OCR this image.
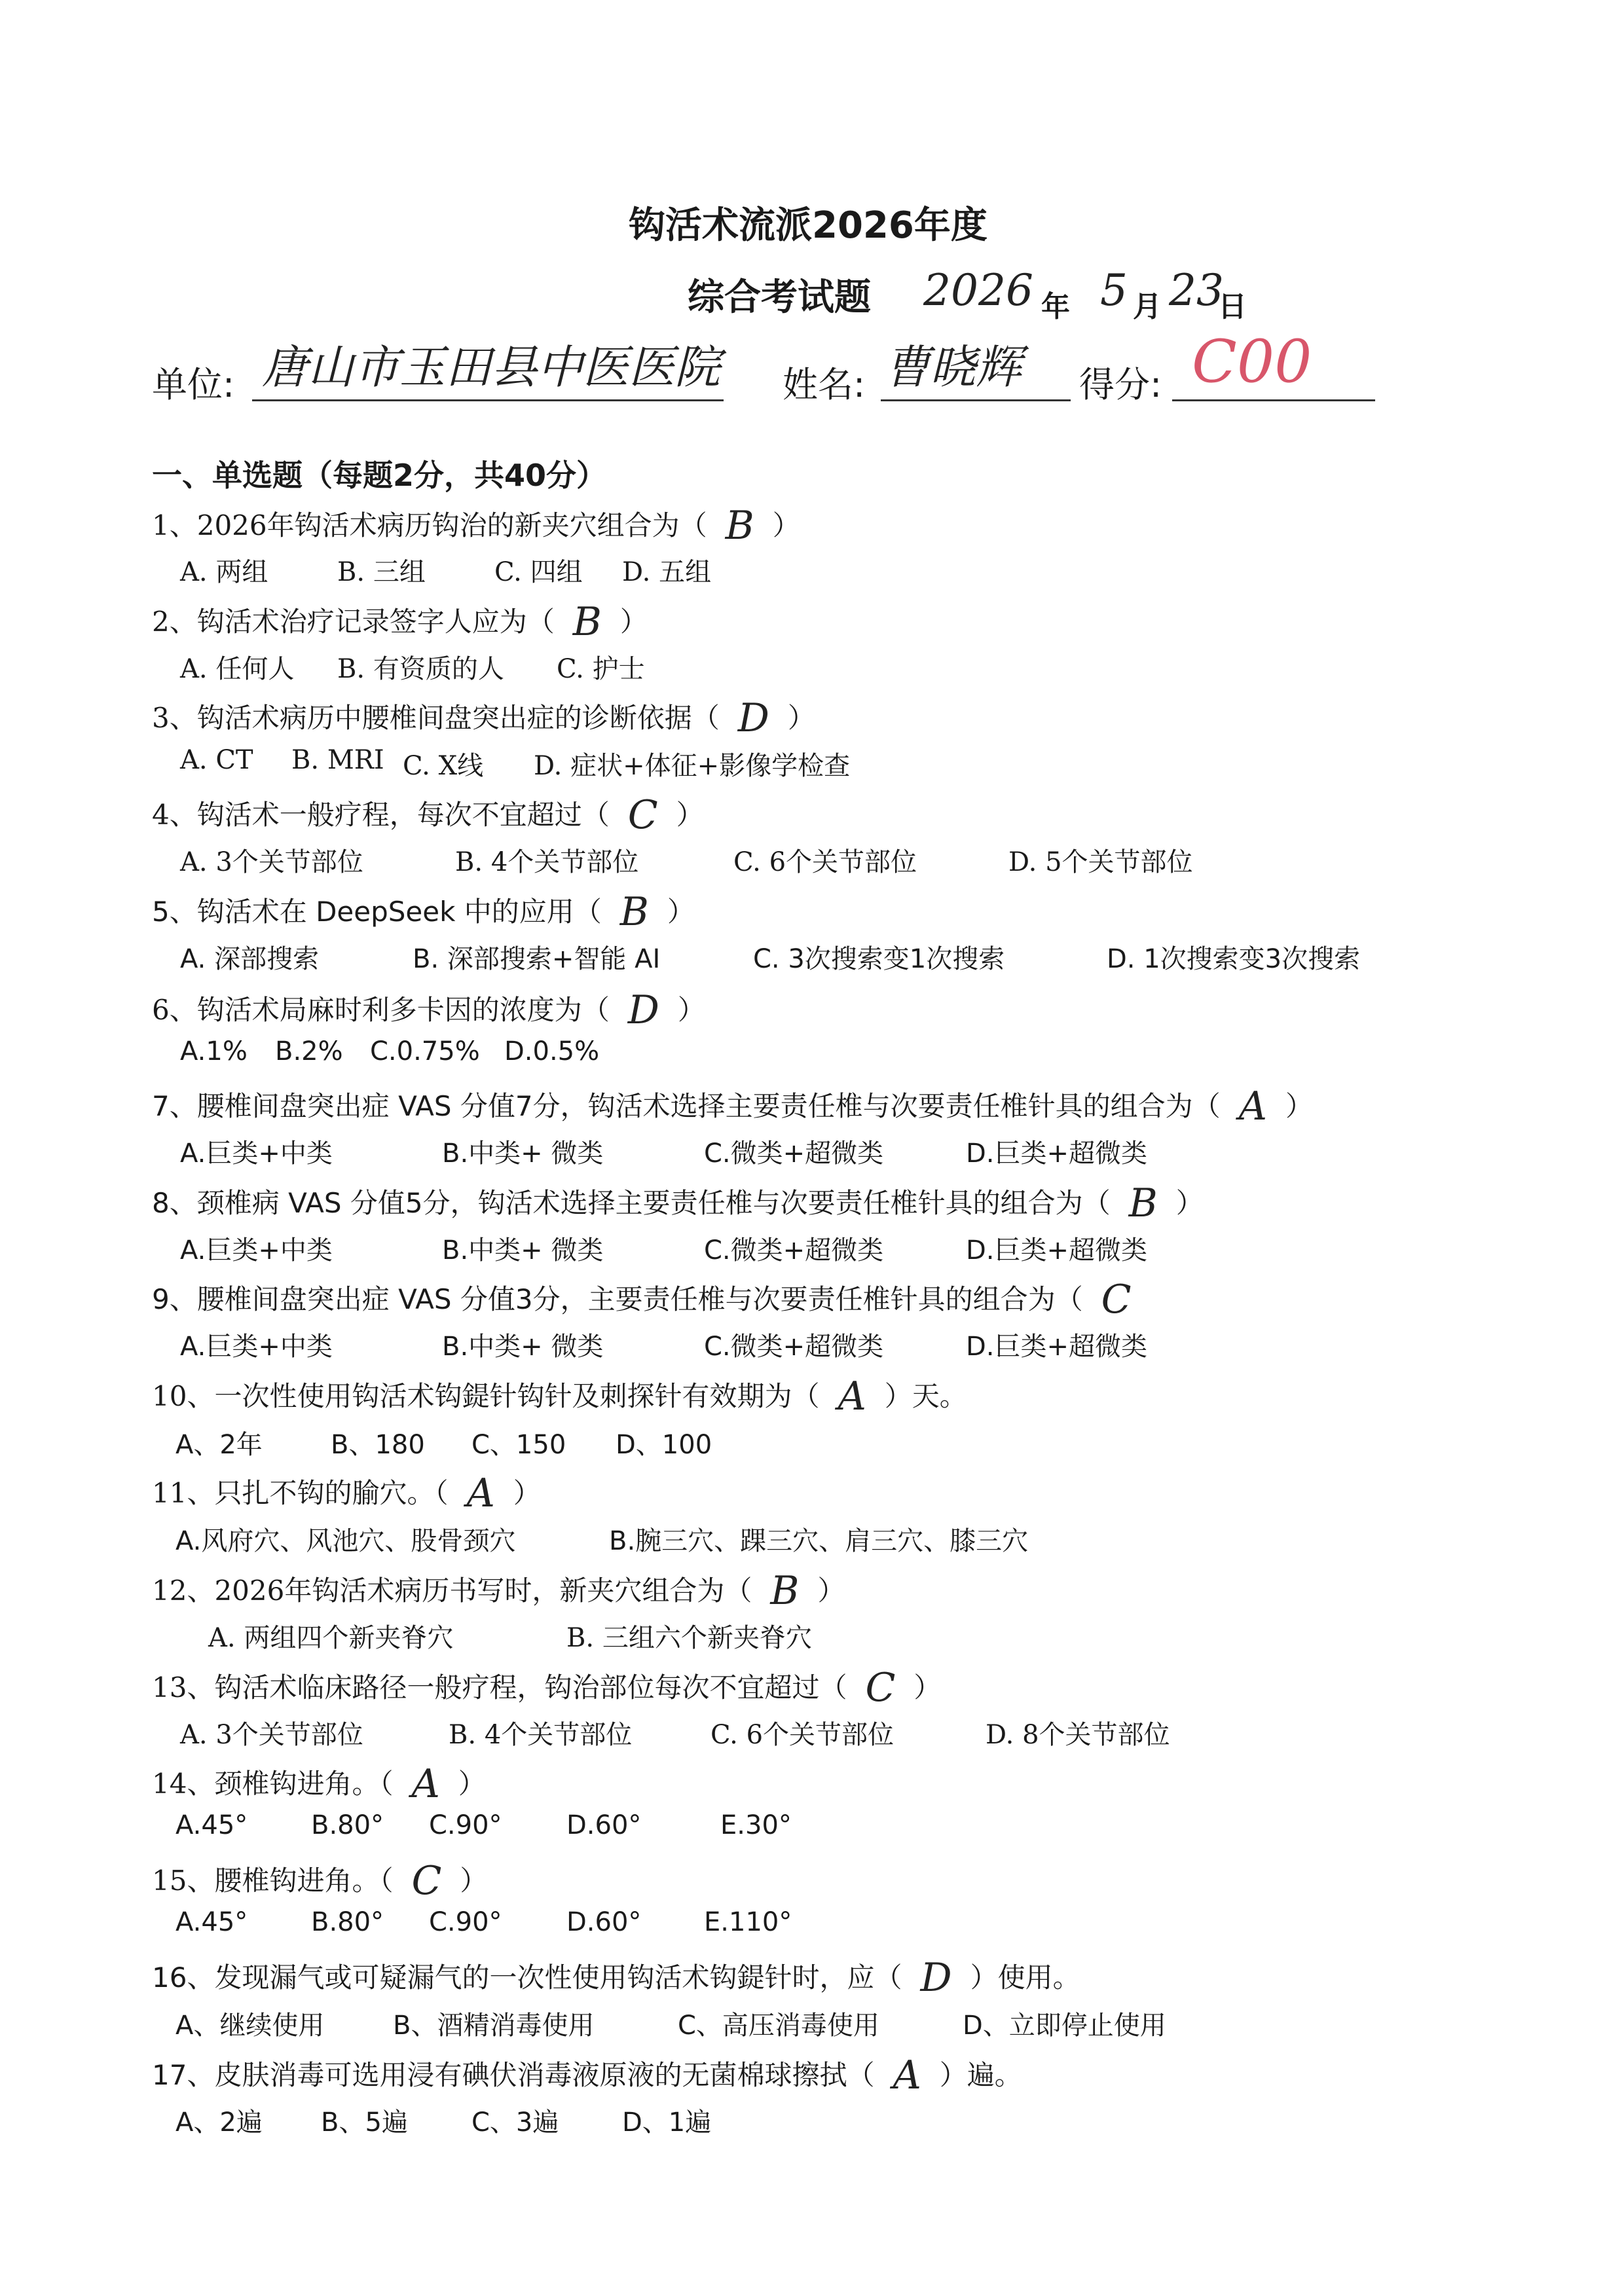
钩活术流派2026年度
综合考试题 2026 年 5 月 23
日
单位: 唐山市玉田县中医医院 姓名: 曹晓辉 得分: C00
一、单选题（每题2分，共40分）
1、2026年钩活术病历钩治的新夹穴组合为（ B ）
A. 两组	B. 三组	C. 四组 D. 五组
2、钩活术治疗记录签字人应为（ B ）
A. 任何人 B. 有资质的人 C. 护士
3、钩活术病历中腰椎间盘突出症的诊断依据（ D ）
A. CT B. MRI C. X线 D. 症状+体征+影像学检查
4、钩活术一般疗程，每次不宜超过（ C ）
A. 3个关节部位	B. 4个关节部位	C. 6个关节部位	D. 5个关节部位
5、钩活术在 DeepSeek 中的应用（ B ）
A. 深部搜索	B. 深部搜索+智能 AI	C. 3次搜索变1次搜索	D. 1次搜索变3次搜索
6、钩活术局麻时利多卡因的浓度为（ D ）
A.1% B.2% C.0.75% D.0.5%
7、腰椎间盘突出症 VAS 分值7分，钩活术选择主要责任椎与次要责任椎针具的组合为（ A ）
A.巨类+中类	B.中类+ 微类	C.微类+超微类	D.巨类+超微类
8、颈椎病 VAS 分值5分，钩活术选择主要责任椎与次要责任椎针具的组合为（ B ）
A.巨类+中类	B.中类+ 微类	C.微类+超微类	D.巨类+超微类
9、腰椎间盘突出症 VAS 分值3分，主要责任椎与次要责任椎针具的组合为（ C
A.巨类+中类	B.中类+ 微类	C.微类+超微类	D.巨类+超微类
10、一次性使用钩活术钩鍉针钩针及刺探针有效期为（ A ）天。
A、2年	B、180 C、150 D、100
11、只扎不钩的腧穴。（ A ）
A.风府穴、风池穴、股骨颈穴	B.腕三穴、踝三穴、肩三穴、膝三穴
12、2026年钩活术病历书写时，新夹穴组合为（ B ）
A. 两组四个新夹脊穴	B. 三组六个新夹脊穴
13、钩活术临床路径一般疗程，钩治部位每次不宜超过（ C ）
A. 3个关节部位	B. 4个关节部位	C. 6个关节部位	D. 8个关节部位
14、颈椎钩进角。（ A ）
A.45° B.80° C.90° D.60°	E.30°
15、腰椎钩进角。（ C ）
A.45° B.80° C.90° D.60° E.110°
16、发现漏气或可疑漏气的一次性使用钩活术钩鍉针时，应（ D ）使用。
A、继续使用	B、酒精消毒使用	C、高压消毒使用	D、立即停止使用
17、皮肤消毒可选用浸有碘伏消毒液原液的无菌棉球擦拭（ A ）遍。
A、2遍 B、5遍 C、3遍 D、1遍
